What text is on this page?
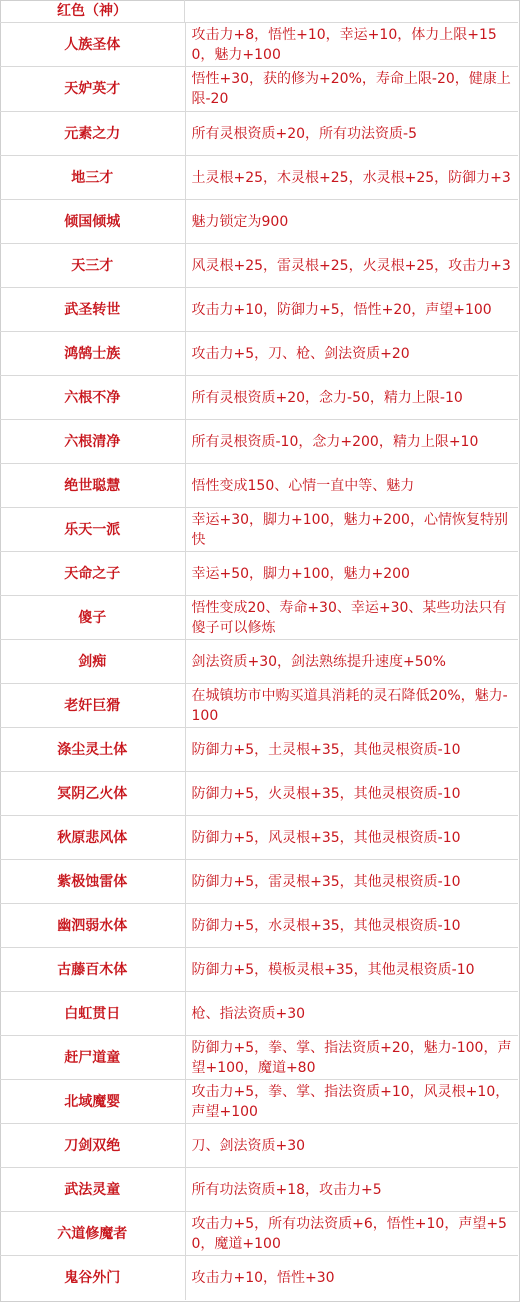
红色（神）
人族圣体	攻击力+8，悟性+10，幸运+10，体力上限+150，魅力+100
天妒英才	悟性+30，获的修为+20%，寿命上限-20，健康上限-20
元素之力	所有灵根资质+20，所有功法资质-5
地三才	土灵根+25，木灵根+25，水灵根+25，防御力+3
倾国倾城	魅力锁定为900
天三才	风灵根+25，雷灵根+25，火灵根+25，攻击力+3
武圣转世	攻击力+10，防御力+5，悟性+20，声望+100
鸿鹄士族	攻击力+5，刀、枪、剑法资质+20
六根不净	所有灵根资质+20，念力-50，精力上限-10
六根清净	所有灵根资质-10，念力+200，精力上限+10
绝世聪慧	悟性变成150、心情一直中等、魅力
乐天一派	幸运+30，脚力+100，魅力+200，心情恢复特别快
天命之子	幸运+50，脚力+100，魅力+200
傻子	悟性变成20、寿命+30、幸运+30、某些功法只有傻子可以修炼
剑痴	剑法资质+30，剑法熟练提升速度+50%
老奸巨猾	在城镇坊市中购买道具消耗的灵石降低20%，魅力-100
涤尘灵土体	防御力+5，土灵根+35，其他灵根资质-10
冥阴乙火体	防御力+5，火灵根+35，其他灵根资质-10
秋原悲风体	防御力+5，风灵根+35，其他灵根资质-10
紫极蚀雷体	防御力+5，雷灵根+35，其他灵根资质-10
幽泗弱水体	防御力+5，水灵根+35，其他灵根资质-10
古藤百木体	防御力+5，模板灵根+35，其他灵根资质-10
白虹贯日	枪、指法资质+30
赶尸道童	防御力+5，拳、掌、指法资质+20，魅力-100，声望+100，魔道+80
北域魔婴	攻击力+5，拳、掌、指法资质+10，风灵根+10，声望+100
刀剑双绝	刀、剑法资质+30
武法灵童	所有功法资质+18，攻击力+5
六道修魔者	攻击力+5，所有功法资质+6，悟性+10，声望+50，魔道+100
鬼谷外门	攻击力+10，悟性+30
